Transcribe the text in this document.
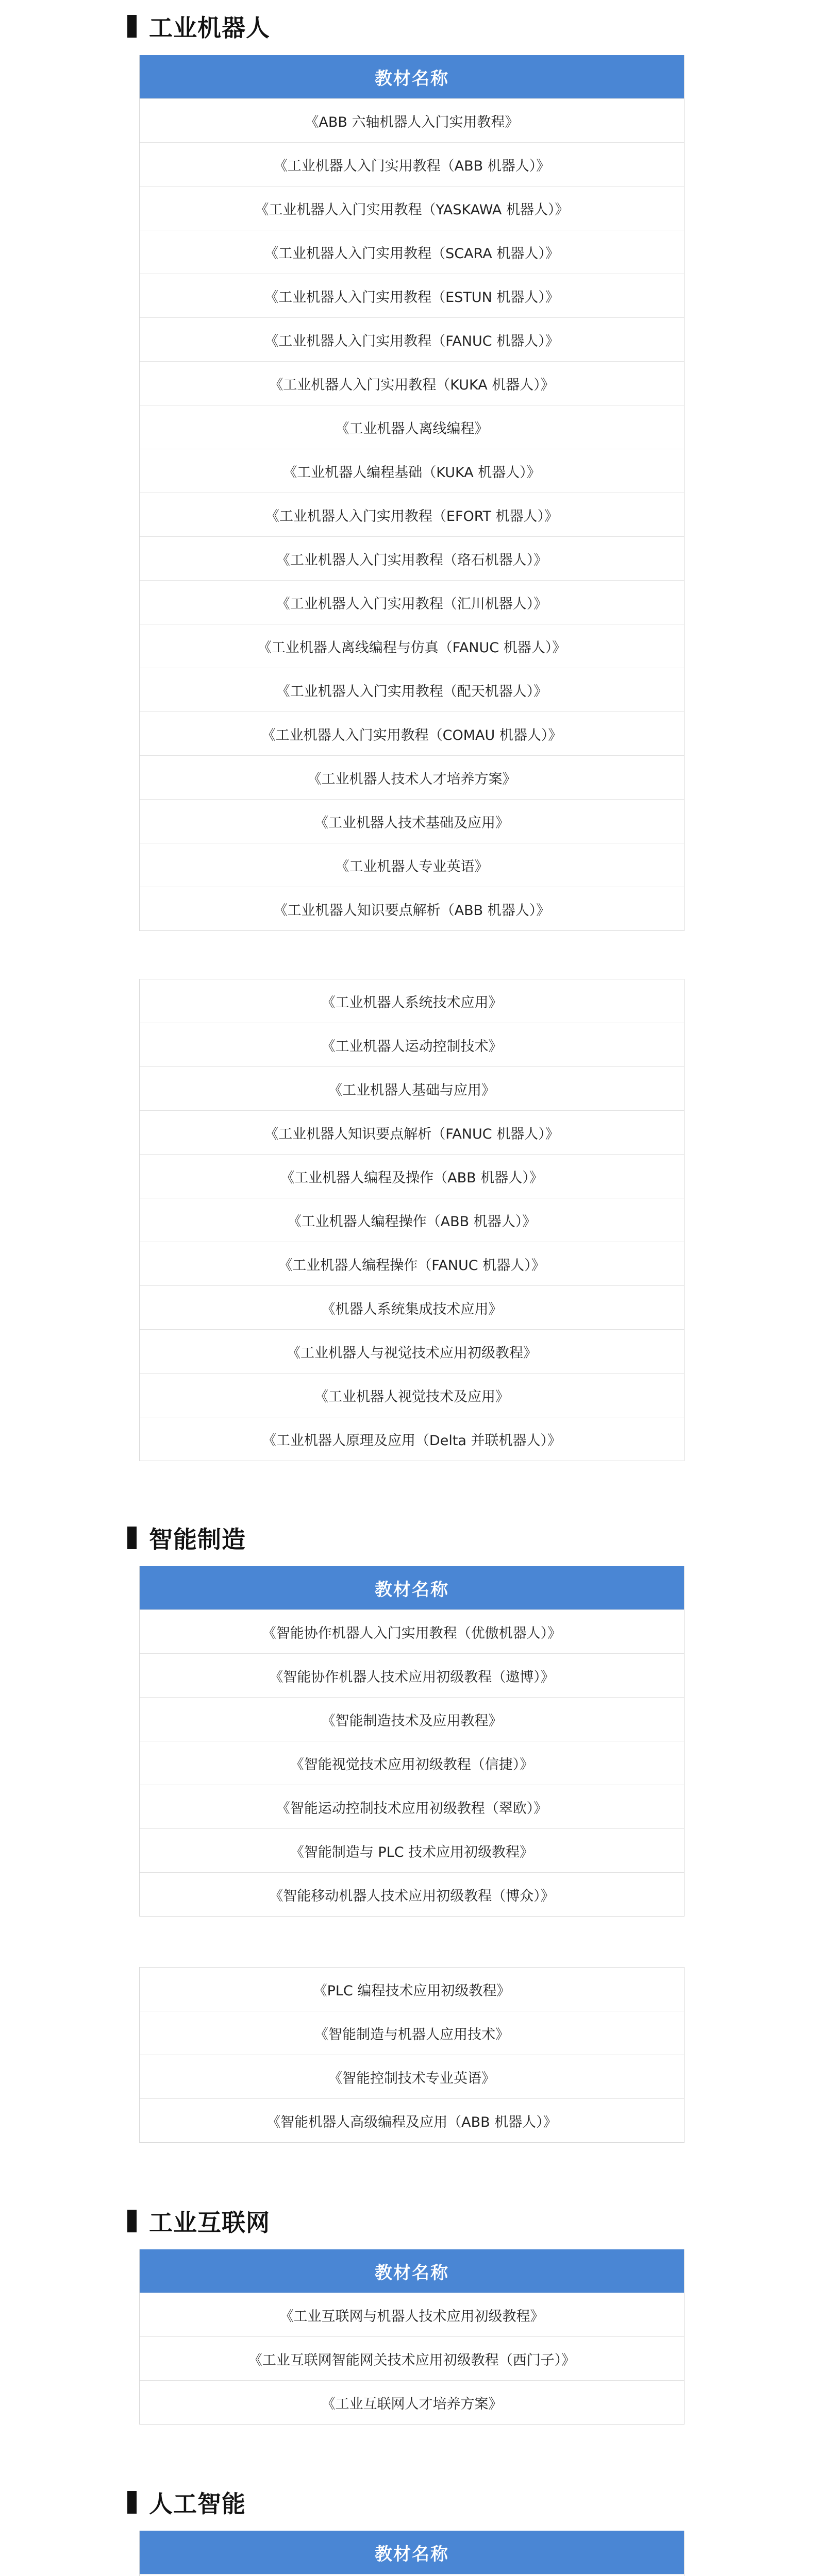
工业机器人
教材名称
《ABB 六轴机器人入门实用教程》
《工业机器人入门实用教程（ABB 机器人）》
《工业机器人入门实用教程（YASKAWA 机器人）》
《工业机器人入门实用教程（SCARA 机器人）》
《工业机器人入门实用教程（ESTUN 机器人）》
《工业机器人入门实用教程（FANUC 机器人）》
《工业机器人入门实用教程（KUKA 机器人）》
《工业机器人离线编程》
《工业机器人编程基础（KUKA 机器人）》
《工业机器人入门实用教程（EFORT 机器人）》
《工业机器人入门实用教程（珞石机器人）》
《工业机器人入门实用教程（汇川机器人）》
《工业机器人离线编程与仿真（FANUC 机器人）》
《工业机器人入门实用教程（配天机器人）》
《工业机器人入门实用教程（COMAU 机器人）》
《工业机器人技术人才培养方案》
《工业机器人技术基础及应用》
《工业机器人专业英语》
《工业机器人知识要点解析（ABB 机器人）》
《工业机器人系统技术应用》
《工业机器人运动控制技术》
《工业机器人基础与应用》
《工业机器人知识要点解析（FANUC 机器人）》
《工业机器人编程及操作（ABB 机器人）》
《工业机器人编程操作（ABB 机器人）》
《工业机器人编程操作（FANUC 机器人）》
《机器人系统集成技术应用》
《工业机器人与视觉技术应用初级教程》
《工业机器人视觉技术及应用》
《工业机器人原理及应用（Delta 并联机器人）》
智能制造
教材名称
《智能协作机器人入门实用教程（优傲机器人）》
《智能协作机器人技术应用初级教程（遨博）》
《智能制造技术及应用教程》
《智能视觉技术应用初级教程（信捷）》
《智能运动控制技术应用初级教程（翠欧）》
《智能制造与 PLC 技术应用初级教程》
《智能移动机器人技术应用初级教程（博众）》
《PLC 编程技术应用初级教程》
《智能制造与机器人应用技术》
《智能控制技术专业英语》
《智能机器人高级编程及应用（ABB 机器人）》
工业互联网
教材名称
《工业互联网与机器人技术应用初级教程》
《工业互联网智能网关技术应用初级教程（西门子）》
《工业互联网人才培养方案》
人工智能
教材名称
